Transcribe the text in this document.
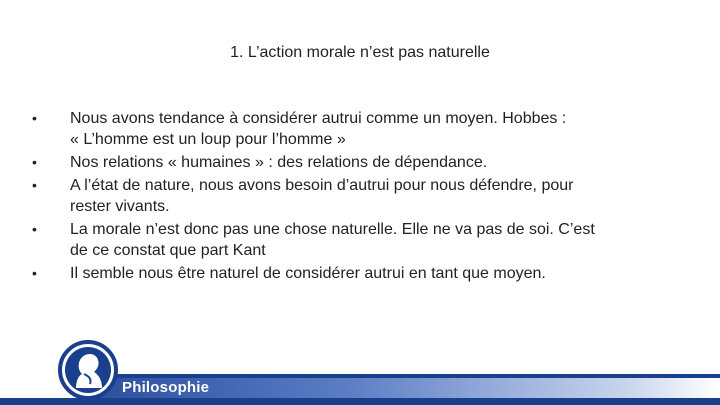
1. L’action morale n’est pas naturelle
• Nous avons tendance à considérer autrui comme un moyen. Hobbes :
« L’homme est un loup pour l’homme »
• Nos relations « humaines » : des relations de dépendance.
• A l’état de nature, nous avons besoin d’autrui pour nous défendre, pour
rester vivants.
• La morale n’est donc pas une chose naturelle. Elle ne va pas de soi. C’est
de ce constat que part Kant
• Il semble nous être naturel de considérer autrui en tant que moyen.
Philosophie
